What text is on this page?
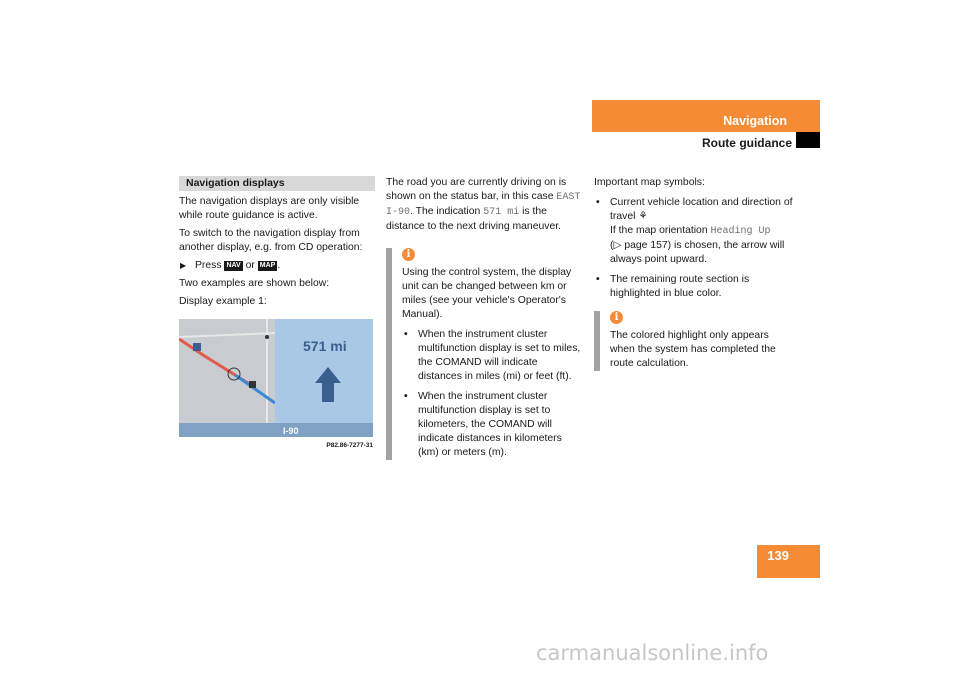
Navigation
Route guidance
Navigation displays

The navigation displays are only visible while route guidance is active.

To switch to the navigation display from another display, e.g. from CD operation:

▶ Press NAV or MAP .

Two examples are shown below:

Display example 1:

571 mi
I-90
P82.86-7277-31

The road you are currently driving on is shown on the status bar, in this case EAST I-90. The indication 571 mi is the distance to the next driving maneuver.

i

Using the control system, the display unit can be changed between km or miles (see your vehicle's Operator's Manual).

• When the instrument cluster multifunction display is set to miles, the COMAND will indicate distances in miles (mi) or feet (ft).
• When the instrument cluster multifunction display is set to kilometers, the COMAND will indicate distances in kilometers (km) or meters (m).

Important map symbols:

• Current vehicle location and direction of travel ⚘
If the map orientation Heading Up
(▷ page 157) is chosen, the arrow will always point upward.
• The remaining route section is highlighted in blue color.
i

The colored highlight only appears when the system has completed the route calculation.

139
carmanualsonline.info
